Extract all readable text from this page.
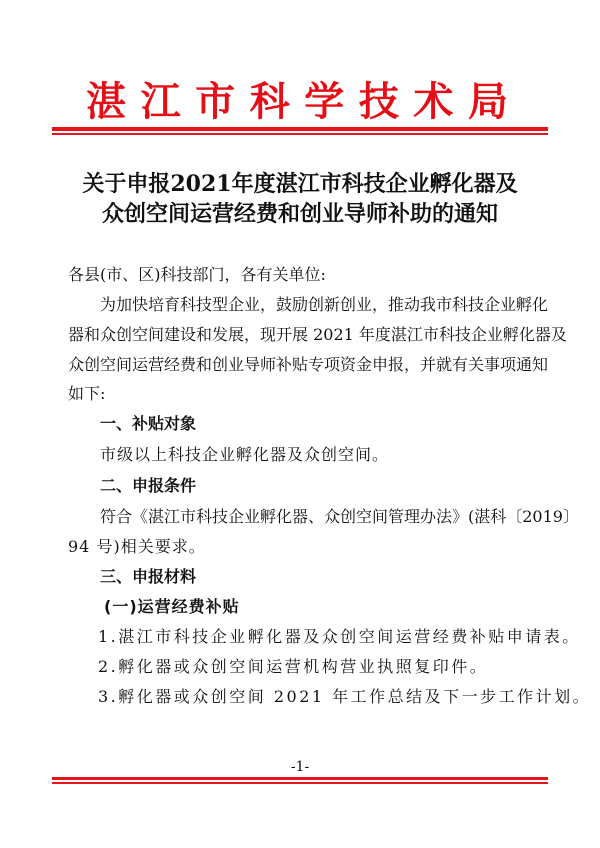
湛江市科学技术局
关于申报2021年度湛江市科技企业孵化器及
众创空间运营经费和创业导师补助的通知
各县(市、区)科技部门，各有关单位:
为加快培育科技型企业，鼓励创新创业，推动我市科技企业孵化
器和众创空间建设和发展，现开展 2021 年度湛江市科技企业孵化器及
众创空间运营经费和创业导师补贴专项资金申报，并就有关事项通知
如下:
一、补贴对象
市级以上科技企业孵化器及众创空间。
二、申报条件
符合《湛江市科技企业孵化器、众创空间管理办法》(湛科〔2019〕
94 号)相关要求。
三、申报材料
(一)运营经费补贴
1.湛江市科技企业孵化器及众创空间运营经费补贴申请表。
2.孵化器或众创空间运营机构营业执照复印件。
3.孵化器或众创空间 2021 年工作总结及下一步工作计划。
-1-
